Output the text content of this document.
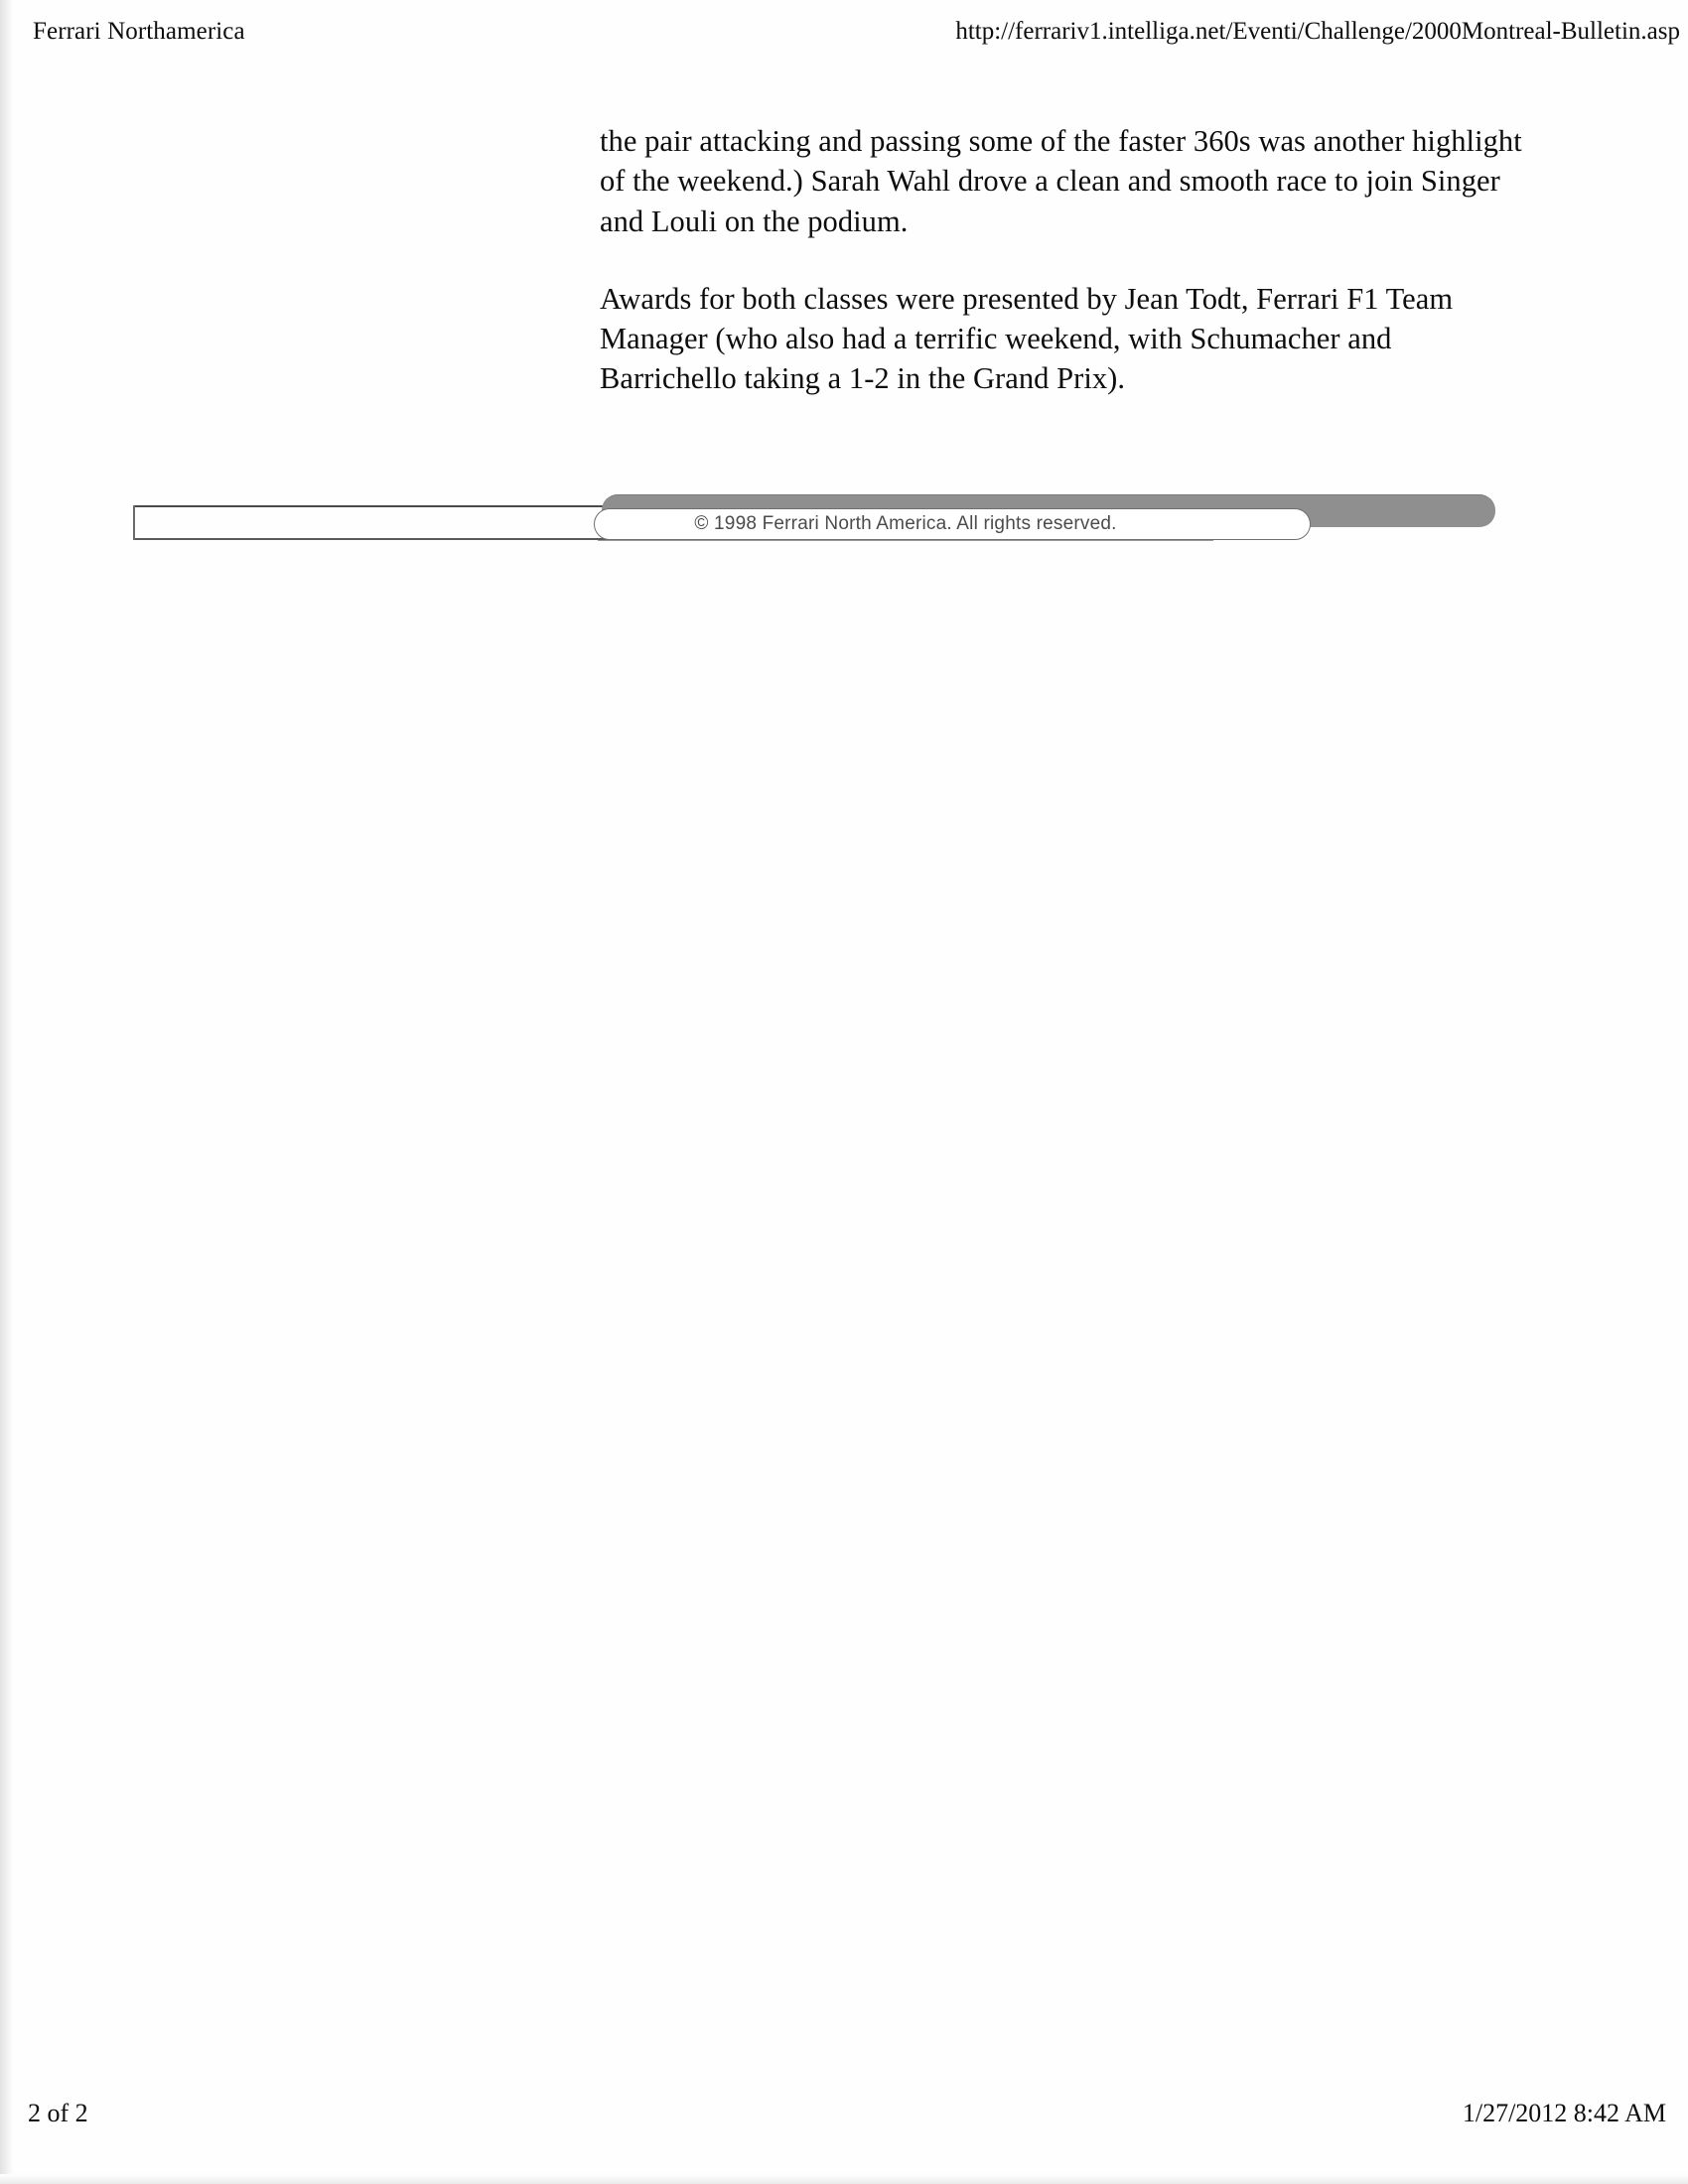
Ferrari Northamerica	http://ferrariv1.intelliga.net/Eventi/Challenge/2000Montreal-Bulletin.asp

the pair attacking and passing some of the faster 360s was another highlight of the weekend.) Sarah Wahl drove a clean and smooth race to join Singer and Louli on the podium.

Awards for both classes were presented by Jean Todt, Ferrari F1 Team Manager (who also had a terrific weekend, with Schumacher and Barrichello taking a 1-2 in the Grand Prix).

© 1998 Ferrari North America. All rights reserved.
2 of 2	1/27/2012 8:42 AM
